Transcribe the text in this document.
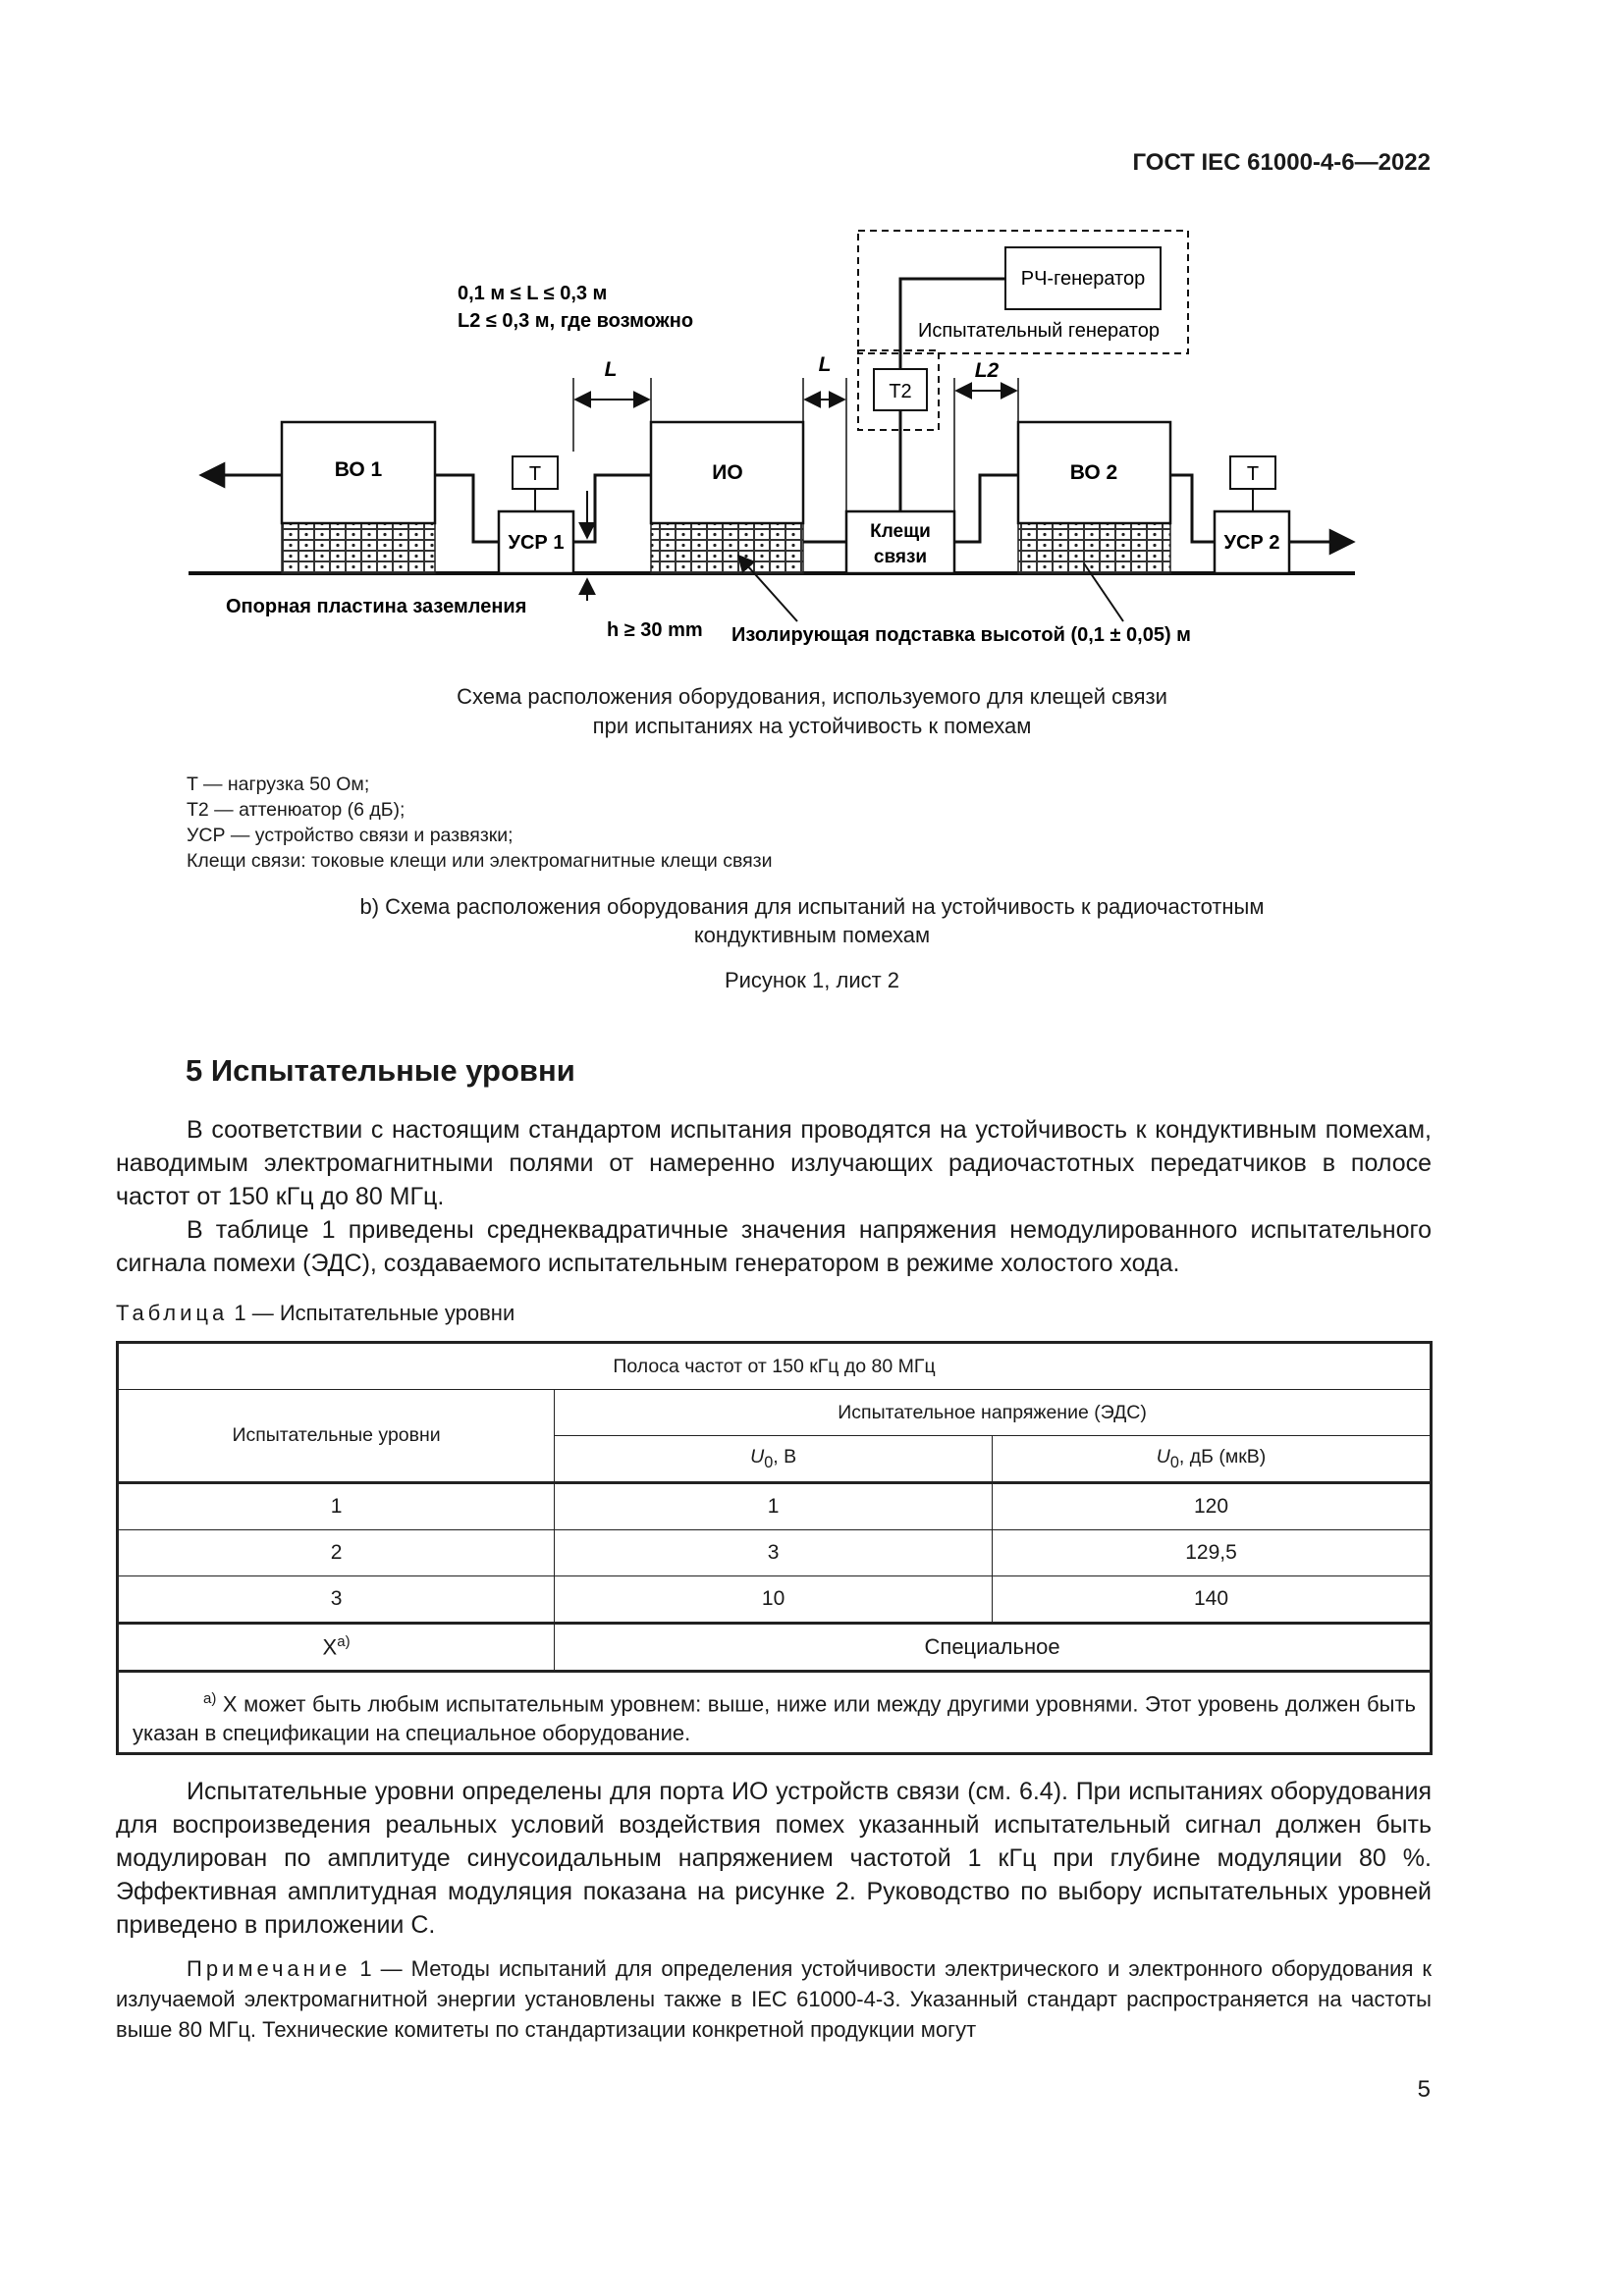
ГОСТ IEC 61000-4-6—2022
ВО 1	ИО	ВО 2
УСР 1	УСР 2
T	T
Клещи
связи
T2
РЧ-генератор
Испытательный генератор
L	L	L2
0,1 м ≤ L ≤ 0,3 м
L2 ≤ 0,3 м, где возможно
Опорная пластина заземления
h ≥ 30 mm Изолирующая подставка высотой (0,1 ± 0,05) м
Схема расположения оборудования, используемого для клещей связи
при испытаниях на устойчивость к помехам
T — нагрузка 50 Ом;
T2 — аттенюатор (6 дБ);
УСР — устройство связи и развязки;
Клещи связи: токовые клещи или электромагнитные клещи связи
b) Схема расположения оборудования для испытаний на устойчивость к радиочастотным
кондуктивным помехам
Рисунок 1, лист 2
5 Испытательные уровни

В соответствии с настоящим стандартом испытания проводятся на устойчивость к кондуктивным помехам, наводимым электромагнитными полями от намеренно излучающих радиочастотных передатчиков в полосе частот от 150 кГц до 80 МГц.

В таблице 1 приведены среднеквадратичные значения напряжения немодулированного испытательного сигнала помехи (ЭДС), создаваемого испытательным генератором в режиме холостого хода.

Таблица 1 — Испытательные уровни
Полоса частот от 150 кГц до 80 МГц		
Испытательные уровни	Испытательное напряжение (ЭДС)	
	$U_0$, В	$U_0$, дБ (мкВ)
1	1	120
2	3	129,5
3	10	140
$X^{a)}$	Специальное	

$^{a)}$ X может быть любым испытательным уровнем: выше, ниже или между другими уровнями. Этот уровень должен быть указан в спецификации на специальное оборудование.		

Испытательные уровни определены для порта ИО устройств связи (см. 6.4). При испытаниях оборудования для воспроизведения реальных условий воздействия помех указанный испытательный сигнал должен быть модулирован по амплитуде синусоидальным напряжением частотой 1 кГц при глубине модуляции 80 %. Эффективная амплитудная модуляция показана на рисунке 2. Руководство по выбору испытательных уровней приведено в приложении С.

Примечание 1 — Методы испытаний для определения устойчивости электрического и электронного оборудования к излучаемой электромагнитной энергии установлены также в IEC 61000-4-3. Указанный стандарт распространяется на частоты выше 80 МГц. Технические комитеты по стандартизации конкретной продукции могут

5
